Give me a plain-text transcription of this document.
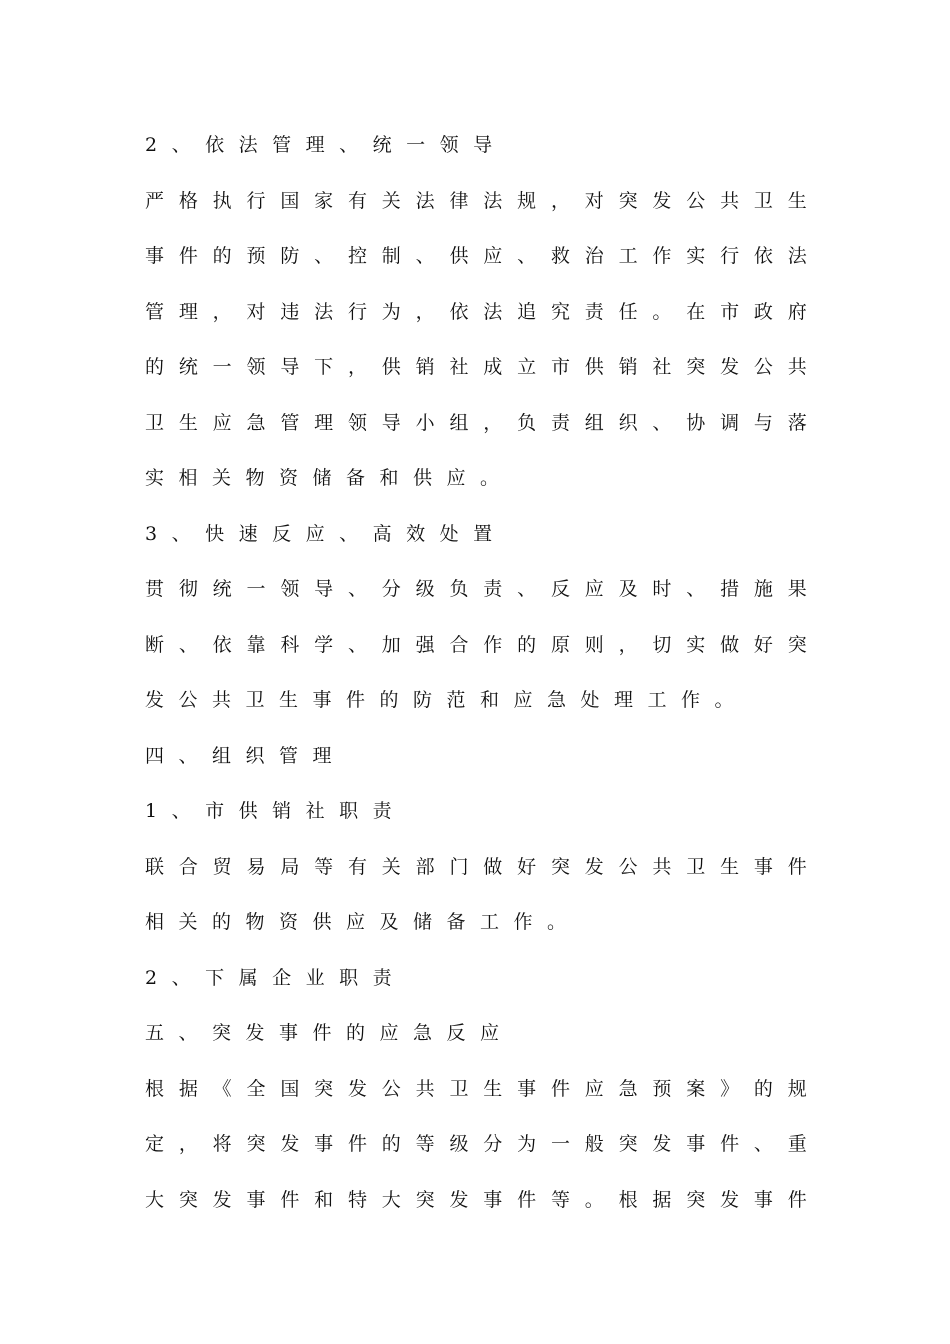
2、依法管理、统一领导
严 格 执 行 国 家 有 关 法 律 法 规 ， 对 突 发 公 共 卫 生
事 件 的 预 防 、 控 制 、 供 应 、 救 治 工 作 实 行 依 法
管 理 ， 对 违 法 行 为 ， 依 法 追 究 责 任 。 在 市 政 府
的 统 一 领 导 下 ， 供 销 社 成 立 市 供 销 社 突 发 公 共
卫 生 应 急 管 理 领 导 小 组 ， 负 责 组 织 、 协 调 与 落
实相关物资储备和供应。
3、快速反应、高效处置
贯 彻 统 一 领 导 、 分 级 负 责 、 反 应 及 时 、 措 施 果
断 、 依 靠 科 学 、 加 强 合 作 的 原 则 ， 切 实 做 好 突
发公共卫生事件的防范和应急处理工作。
四、组织管理
1、市供销社职责
联 合 贸 易 局 等 有 关 部 门 做 好 突 发 公 共 卫 生 事 件
相关的物资供应及储备工作。
2、下属企业职责
五、突发事件的应急反应
根 据 《 全 国 突 发 公 共 卫 生 事 件 应 急 预 案 》 的 规
定 ， 将 突 发 事 件 的 等 级 分 为 一 般 突 发 事 件 、 重
大 突 发 事 件 和 特 大 突 发 事 件 等 。 根 据 突 发 事 件
